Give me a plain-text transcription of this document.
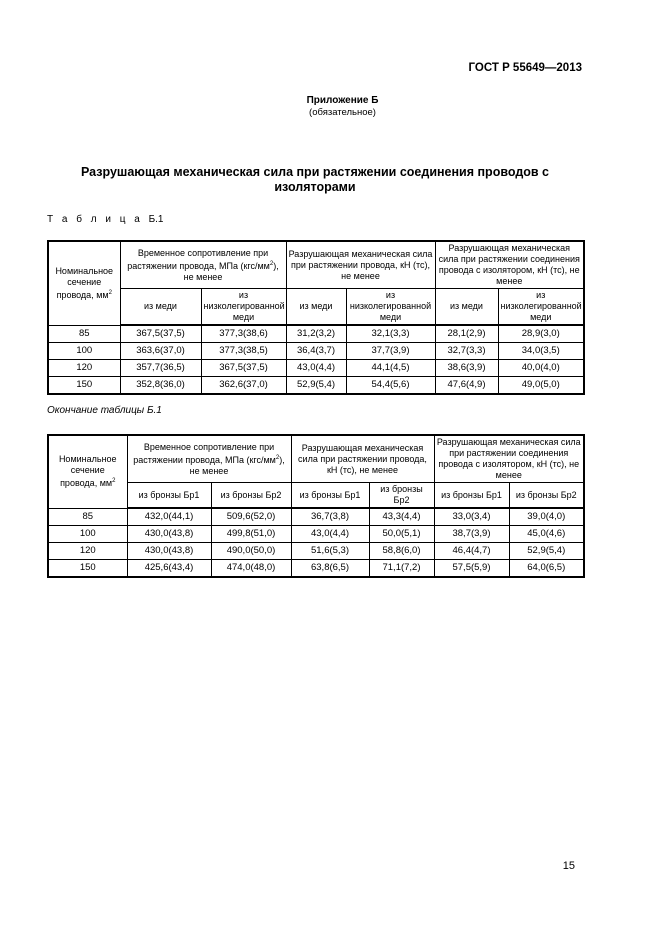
ГОСТ Р 55649—2013
Приложение Б
(обязательное)
Разрушающая механическая сила при растяжении соединения проводов с
изоляторами
Т а б л и ц а Б.1
Номинальное сечение провода, $мм^2$	Временное сопротивление при растяжении провода, МПа $(кгс/мм^2)$, не менее		Разрушающая механическая сила при растяжении провода, кН (тс), не менее		Разрушающая механическая сила при растяжении соединения провода с изолятором, кН (тс), не менее	
	из меди	из низколегированной меди	из меди	из низколегированной меди	из меди	из низколегированной меди
85	367,5(37,5)	377,3(38,6)	31,2(3,2)	32,1(3,3)	28,1(2,9)	28,9(3,0)
100	363,6(37,0)	377,3(38,5)	36,4(3,7)	37,7(3,9)	32,7(3,3)	34,0(3,5)
120	357,7(36,5)	367,5(37,5)	43,0(4,4)	44,1(4,5)	38,6(3,9)	40,0(4,0)
150	352,8(36,0)	362,6(37,0)	52,9(5,4)	54,4(5,6)	47,6(4,9)	49,0(5,0)
Окончание таблицы Б.1
Номинальное сечение провода, $мм^2$	Временное сопротивление при растяжении провода, МПа $(кгс/мм^2)$, не менее		Разрушающая механическая сила при растяжении провода, кН (тс), не менее		Разрушающая механическая сила при растяжении соединения провода с изолятором, кН (тс), не менее	
	из бронзы Бр1	из бронзы Бр2	из бронзы Бр1	из бронзы Бр2	из бронзы Бр1	из бронзы Бр2
85	432,0(44,1)	509,6(52,0)	36,7(3,8)	43,3(4,4)	33,0(3,4)	39,0(4,0)
100	430,0(43,8)	499,8(51,0)	43,0(4,4)	50,0(5,1)	38,7(3,9)	45,0(4,6)
120	430,0(43,8)	490,0(50,0)	51,6(5,3)	58,8(6,0)	46,4(4,7)	52,9(5,4)
150	425,6(43,4)	474,0(48,0)	63,8(6,5)	71,1(7,2)	57,5(5,9)	64,0(6,5)
15
